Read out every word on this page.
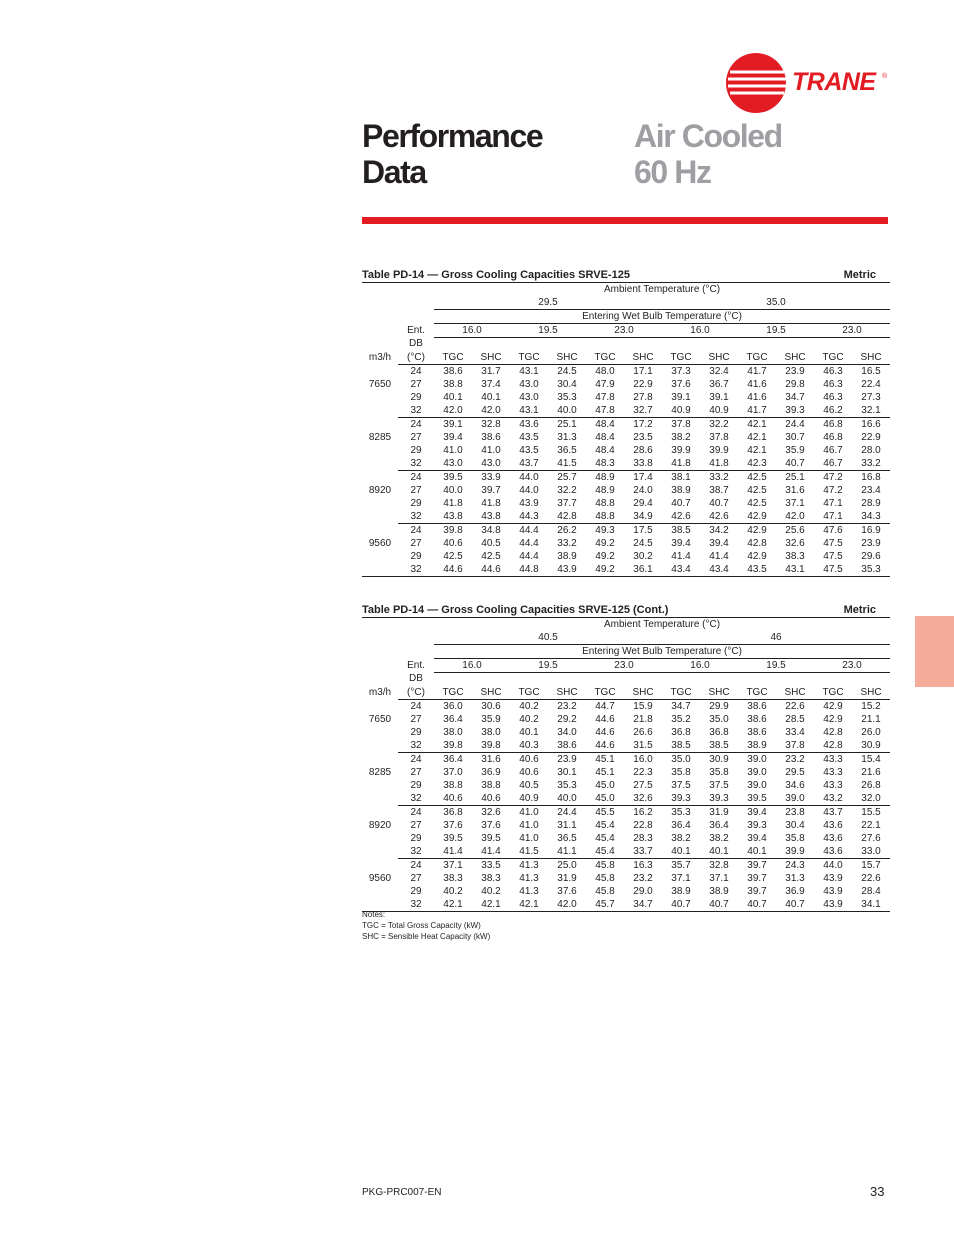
TRANE ®
Performance
Data
Air Cooled
60 Hz
Table PD-14 — Gross Cooling Capacities SRVE-125	Metric
		Ambient Temperature (°C)											
		29.5						35.0					
		Entering Wet Bulb Temperature (°C)											
	Ent.	16.0		19.5		23.0		16.0		19.5		23.0	
	DB												
m3/h	(°C)	TGC	SHC	TGC	SHC	TGC	SHC	TGC	SHC	TGC	SHC	TGC	SHC
	24	38.6	31.7	43.1	24.5	48.0	17.1	37.3	32.4	41.7	23.9	46.3	16.5
7650	27	38.8	37.4	43.0	30.4	47.9	22.9	37.6	36.7	41.6	29.8	46.3	22.4
	29	40.1	40.1	43.0	35.3	47.8	27.8	39.1	39.1	41.6	34.7	46.3	27.3
	32	42.0	42.0	43.1	40.0	47.8	32.7	40.9	40.9	41.7	39.3	46.2	32.1
	24	39.1	32.8	43.6	25.1	48.4	17.2	37.8	32.2	42.1	24.4	46.8	16.6
8285	27	39.4	38.6	43.5	31.3	48.4	23.5	38.2	37.8	42.1	30.7	46.8	22.9
	29	41.0	41.0	43.5	36.5	48.4	28.6	39.9	39.9	42.1	35.9	46.7	28.0
	32	43.0	43.0	43.7	41.5	48.3	33.8	41.8	41.8	42.3	40.7	46.7	33.2
	24	39.5	33.9	44.0	25.7	48.9	17.4	38.1	33.2	42.5	25.1	47.2	16.8
8920	27	40.0	39.7	44.0	32.2	48.9	24.0	38.9	38.7	42.5	31.6	47.2	23.4
	29	41.8	41.8	43.9	37.7	48.8	29.4	40.7	40.7	42.5	37.1	47.1	28.9
	32	43.8	43.8	44.3	42.8	48.8	34.9	42.6	42.6	42.9	42.0	47.1	34.3
	24	39.8	34.8	44.4	26.2	49.3	17.5	38.5	34.2	42.9	25.6	47.6	16.9
9560	27	40.6	40.5	44.4	33.2	49.2	24.5	39.4	39.4	42.8	32.6	47.5	23.9
	29	42.5	42.5	44.4	38.9	49.2	30.2	41.4	41.4	42.9	38.3	47.5	29.6
	32	44.6	44.6	44.8	43.9	49.2	36.1	43.4	43.4	43.5	43.1	47.5	35.3
Table PD-14 — Gross Cooling Capacities SRVE-125 (Cont.)	Metric
		Ambient Temperature (°C)											
		40.5						46					
		Entering Wet Bulb Temperature (°C)											
	Ent.	16.0		19.5		23.0		16.0		19.5		23.0	
	DB												
m3/h	(°C)	TGC	SHC	TGC	SHC	TGC	SHC	TGC	SHC	TGC	SHC	TGC	SHC
	24	36.0	30.6	40.2	23.2	44.7	15.9	34.7	29.9	38.6	22.6	42.9	15.2
7650	27	36.4	35.9	40.2	29.2	44.6	21.8	35.2	35.0	38.6	28.5	42.9	21.1
	29	38.0	38.0	40.1	34.0	44.6	26.6	36.8	36.8	38.6	33.4	42.8	26.0
	32	39.8	39.8	40.3	38.6	44.6	31.5	38.5	38.5	38.9	37.8	42.8	30.9
	24	36.4	31.6	40.6	23.9	45.1	16.0	35.0	30.9	39.0	23.2	43.3	15.4
8285	27	37.0	36.9	40.6	30.1	45.1	22.3	35.8	35.8	39.0	29.5	43.3	21.6
	29	38.8	38.8	40.5	35.3	45.0	27.5	37.5	37.5	39.0	34.6	43.3	26.8
	32	40.6	40.6	40.9	40.0	45.0	32.6	39.3	39.3	39.5	39.0	43.2	32.0
	24	36.8	32.6	41.0	24.4	45.5	16.2	35.3	31.9	39.4	23.8	43.7	15.5
8920	27	37.6	37.6	41.0	31.1	45.4	22.8	36.4	36.4	39.3	30.4	43.6	22.1
	29	39.5	39.5	41.0	36.5	45.4	28.3	38.2	38.2	39.4	35.8	43.6	27.6
	32	41.4	41.4	41.5	41.1	45.4	33.7	40.1	40.1	40.1	39.9	43.6	33.0
	24	37.1	33.5	41.3	25.0	45.8	16.3	35.7	32.8	39.7	24.3	44.0	15.7
9560	27	38.3	38.3	41.3	31.9	45.8	23.2	37.1	37.1	39.7	31.3	43.9	22.6
	29	40.2	40.2	41.3	37.6	45.8	29.0	38.9	38.9	39.7	36.9	43.9	28.4
	32	42.1	42.1	42.1	42.0	45.7	34.7	40.7	40.7	40.7	40.7	43.9	34.1
Notes:
TGC = Total Gross Capacity (kW)
SHC = Sensible Heat Capacity (kW)
PKG-PRC007-EN	33
